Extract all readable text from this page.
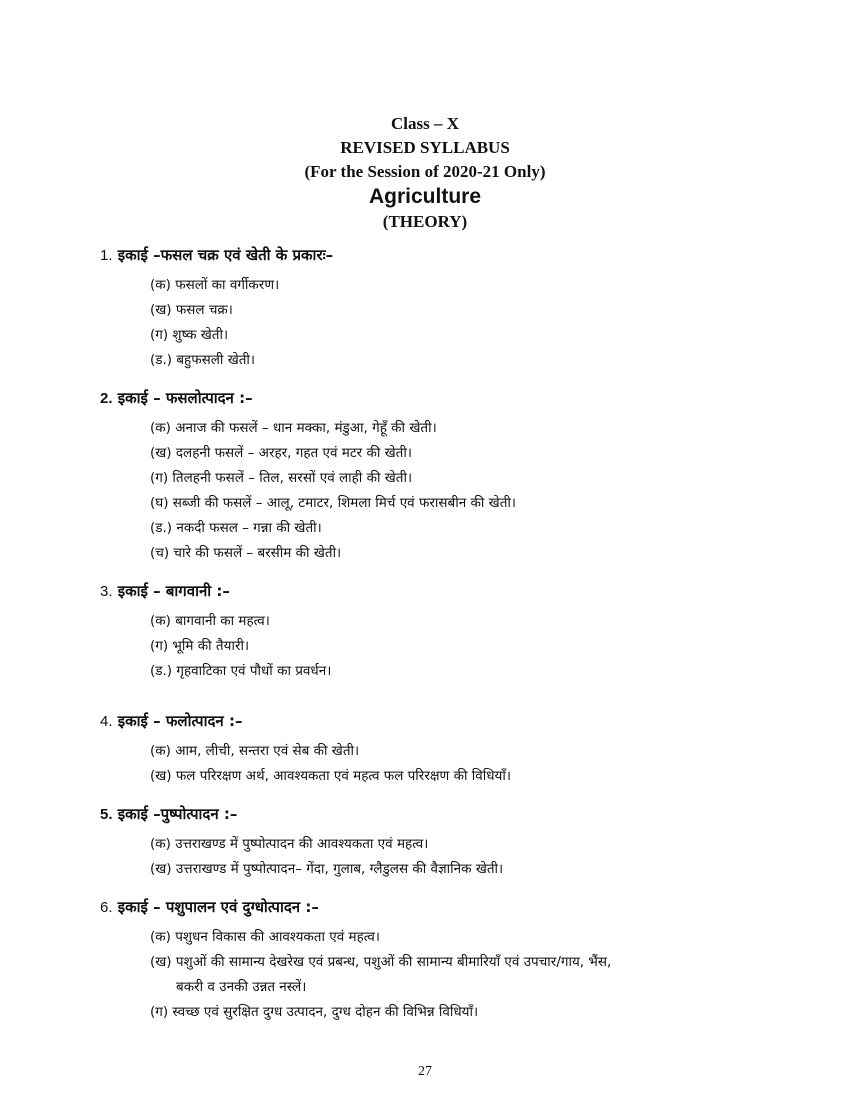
Class – X

REVISED SYLLABUS

(For the Session of 2020-21 Only)

Agriculture

(THEORY)

1. इकाई –फसल चक्र एवं खेती के प्रकारः–

(क) फसलों का वर्गीकरण।
(ख) फसल चक्र।
(ग) शुष्क खेती।
(ड.) बहुफसली खेती।

2. इकाई – फसलोत्पादन :–

(क) अनाज की फसलें – धान मक्का, मंडुआ, गेहूँ की खेती।
(ख) दलहनी फसलें – अरहर, गहत एवं मटर की खेती।
(ग) तिलहनी फसलें – तिल, सरसों एवं लाही की खेती।
(घ) सब्जी की फसलें – आलू, टमाटर, शिमला मिर्च एवं फरासबीन की खेती।
(ड.) नकदी फसल – गन्ना की खेती।
(च) चारे की फसलें – बरसीम की खेती।

3. इकाई – बागवानी :–

(क) बागवानी का महत्व।
(ग) भूमि की तैयारी।
(ड.) गृहवाटिका एवं पौधों का प्रवर्धन।

4. इकाई – फलोत्पादन :–

(क) आम, लीची, सन्तरा एवं सेब की खेती।
(ख) फल परिरक्षण अर्थ, आवश्यकता एवं महत्व फल परिरक्षण की विधियाँ।

5. इकाई –पुष्पोत्पादन :–

(क) उत्तराखण्ड में पुष्पोत्पादन की आवश्यकता एवं महत्व।
(ख) उत्तराखण्ड में पुष्पोत्पादन– गेंदा, गुलाब, ग्लैडुलस की वैज्ञानिक खेती।

6. इकाई – पशुपालन एवं दुग्धोत्पादन :–

(क) पशुधन विकास की आवश्यकता एवं महत्व।
(ख) पशुओं की सामान्य देखरेख एवं प्रबन्ध, पशुओं की सामान्य बीमारियाँ एवं उपचार/गाय, भैंस,
बकरी व उनकी उन्नत नस्लें।
(ग) स्वच्छ एवं सुरक्षित दुग्ध उत्पादन, दुग्ध दोहन की विभिन्न विधियाँ।
27
